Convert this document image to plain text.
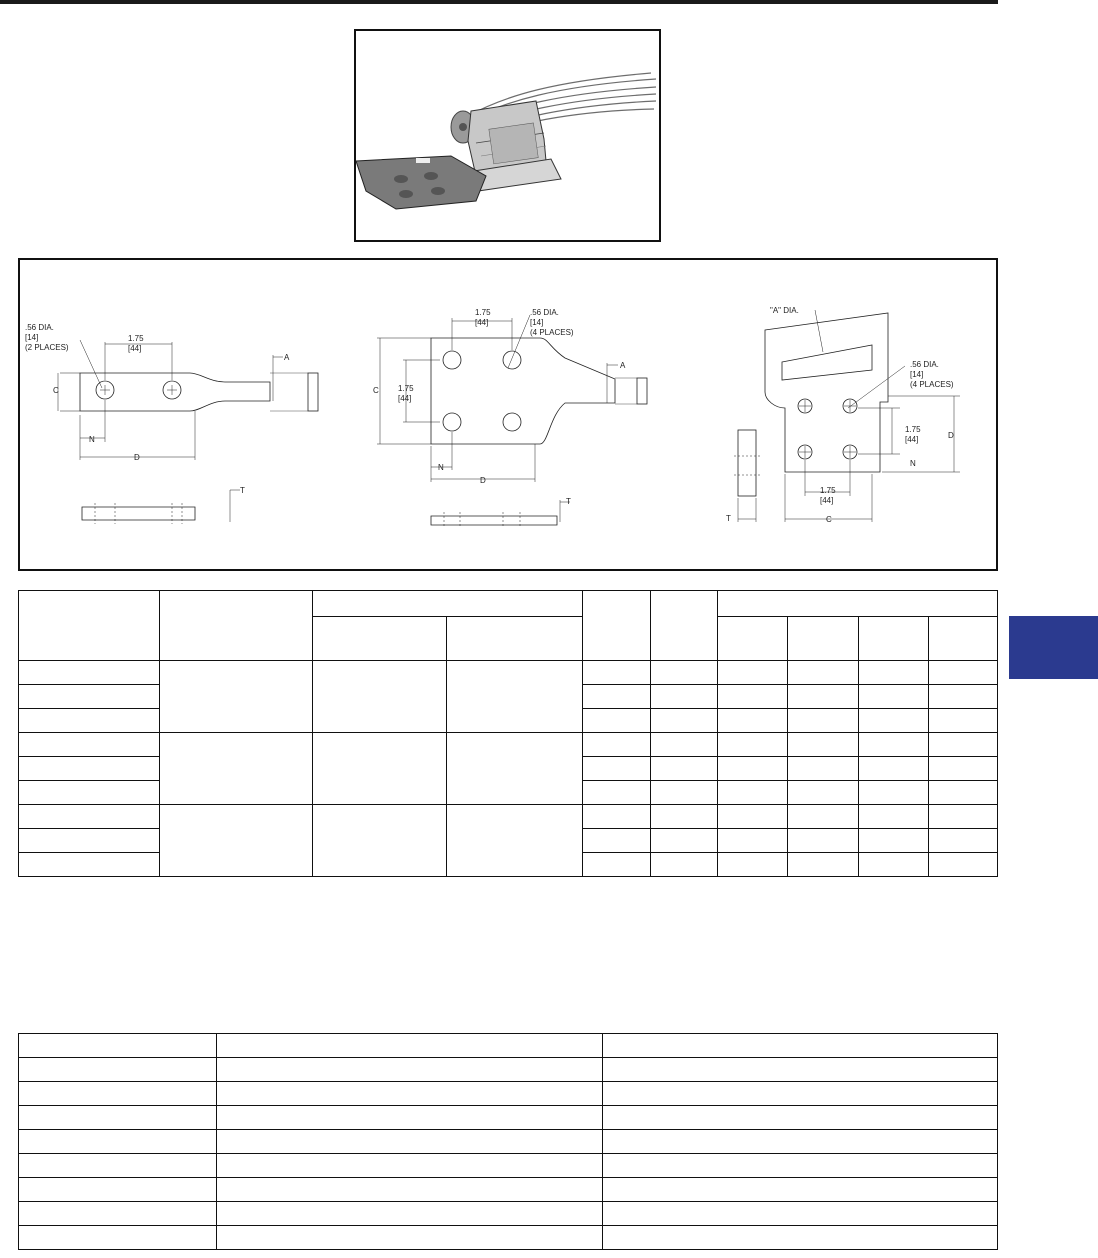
.56 DIA.
[14]
(2 PLACES)
1.75
[44]
A
C
N
D
T
1.75
[44]
.56 DIA.
[14]
(4 PLACES)
1.75
[44]
A
C
N
D
T
"A" DIA.
.56 DIA.
[14]
(4 PLACES)
1.75
[44]	D
N
1.75
[44]
T	C
